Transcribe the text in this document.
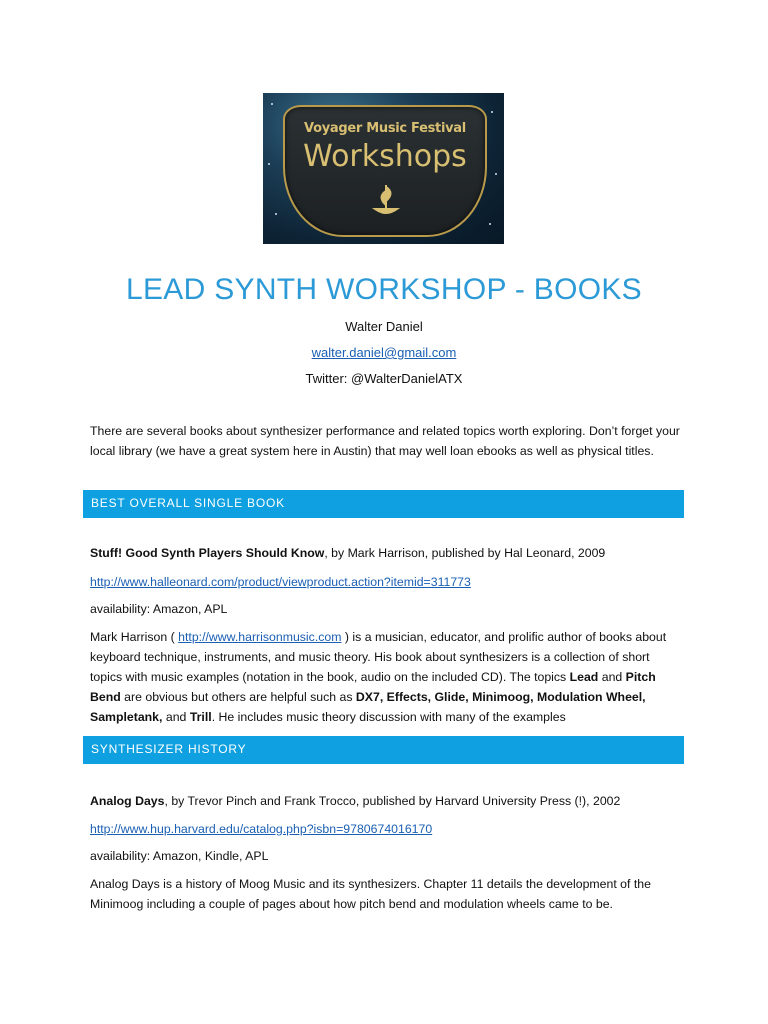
Voyager Music Festival
Workshops
LEAD SYNTH WORKSHOP - BOOKS
Walter Daniel
walter.daniel@gmail.com
Twitter: @WalterDanielATX
There are several books about synthesizer performance and related topics worth exploring. Don’t forget your local library (we have a great system here in Austin) that may well loan ebooks as well as physical titles.
BEST OVERALL SINGLE BOOK
Stuff! Good Synth Players Should Know, by Mark Harrison, published by Hal Leonard, 2009
http://www.halleonard.com/product/viewproduct.action?itemid=311773
availability: Amazon, APL
Mark Harrison ( http://www.harrisonmusic.com ) is a musician, educator, and prolific author of books about keyboard technique, instruments, and music theory. His book about synthesizers is a collection of short topics with music examples (notation in the book, audio on the included CD). The topics Lead and Pitch Bend are obvious but others are helpful such as DX7, Effects, Glide, Minimoog, Modulation Wheel, Sampletank, and Trill. He includes music theory discussion with many of the examples
SYNTHESIZER HISTORY
Analog Days, by Trevor Pinch and Frank Trocco, published by Harvard University Press (!), 2002
http://www.hup.harvard.edu/catalog.php?isbn=9780674016170
availability: Amazon, Kindle, APL
Analog Days is a history of Moog Music and its synthesizers. Chapter 11 details the development of the Minimoog including a couple of pages about how pitch bend and modulation wheels came to be.
